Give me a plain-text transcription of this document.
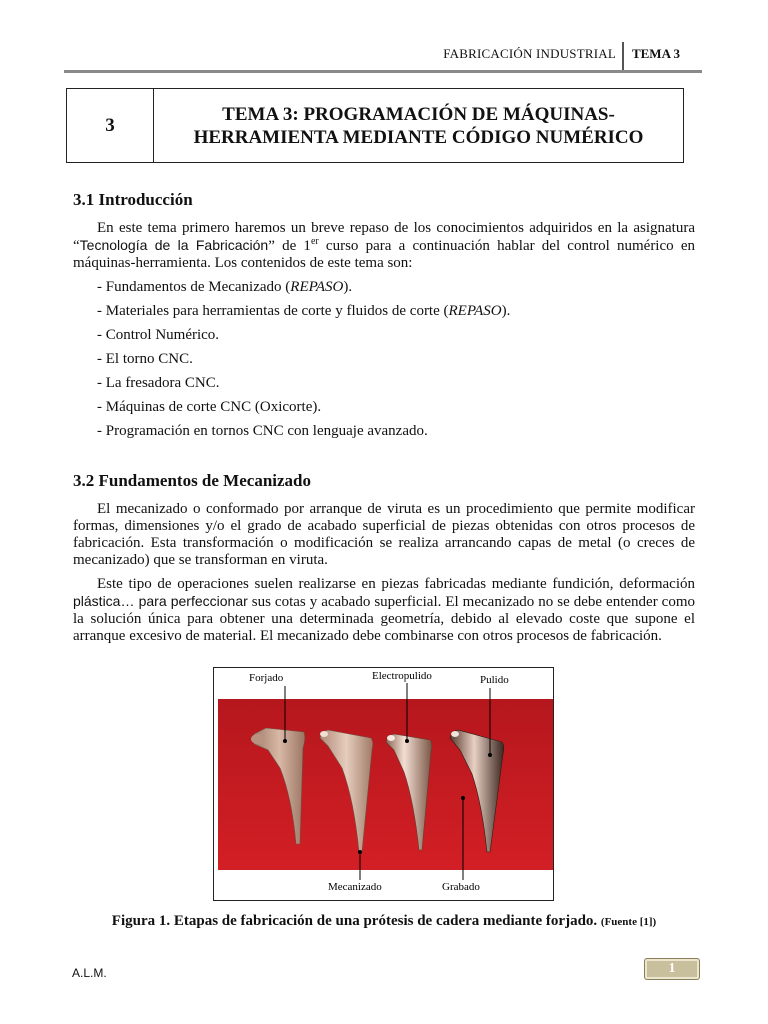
FABRICACIÓN INDUSTRIAL TEMA 3
3
TEMA 3: PROGRAMACIÓN DE MÁQUINAS-HERRAMIENTA MEDIANTE CÓDIGO NUMÉRICO
3.1 Introducción

En este tema primero haremos un breve repaso de los conocimientos adquiridos en la asignatura “Tecnología de la Fabricación” de 1er curso para a continuación hablar del control numérico en máquinas-herramienta. Los contenidos de este tema son:

- Fundamentos de Mecanizado (REPASO).
- Materiales para herramientas de corte y fluidos de corte (REPASO).
- Control Numérico.
- El torno CNC.
- La fresadora CNC.
- Máquinas de corte CNC (Oxicorte).
- Programación en tornos CNC con lenguaje avanzado.
3.2 Fundamentos de Mecanizado

El mecanizado o conformado por arranque de viruta es un procedimiento que permite modificar formas, dimensiones y/o el grado de acabado superficial de piezas obtenidas con otros procesos de fabricación. Esta transformación o modificación se realiza arrancando capas de metal (o creces de mecanizado) que se transforman en viruta.

Este tipo de operaciones suelen realizarse en piezas fabricadas mediante fundición, deformación plástica… para perfeccionar sus cotas y acabado superficial. El mecanizado no se debe entender como la solución única para obtener una determinada geometría, debido al elevado coste que supone el arranque excesivo de material. El mecanizado debe combinarse con otros procesos de fabricación.

Forjado	Electropulido	Pulido
Mecanizado	Grabado
Figura 1. Etapas de fabricación de una prótesis de cadera mediante forjado. (Fuente [1])
A.L.M.	1
